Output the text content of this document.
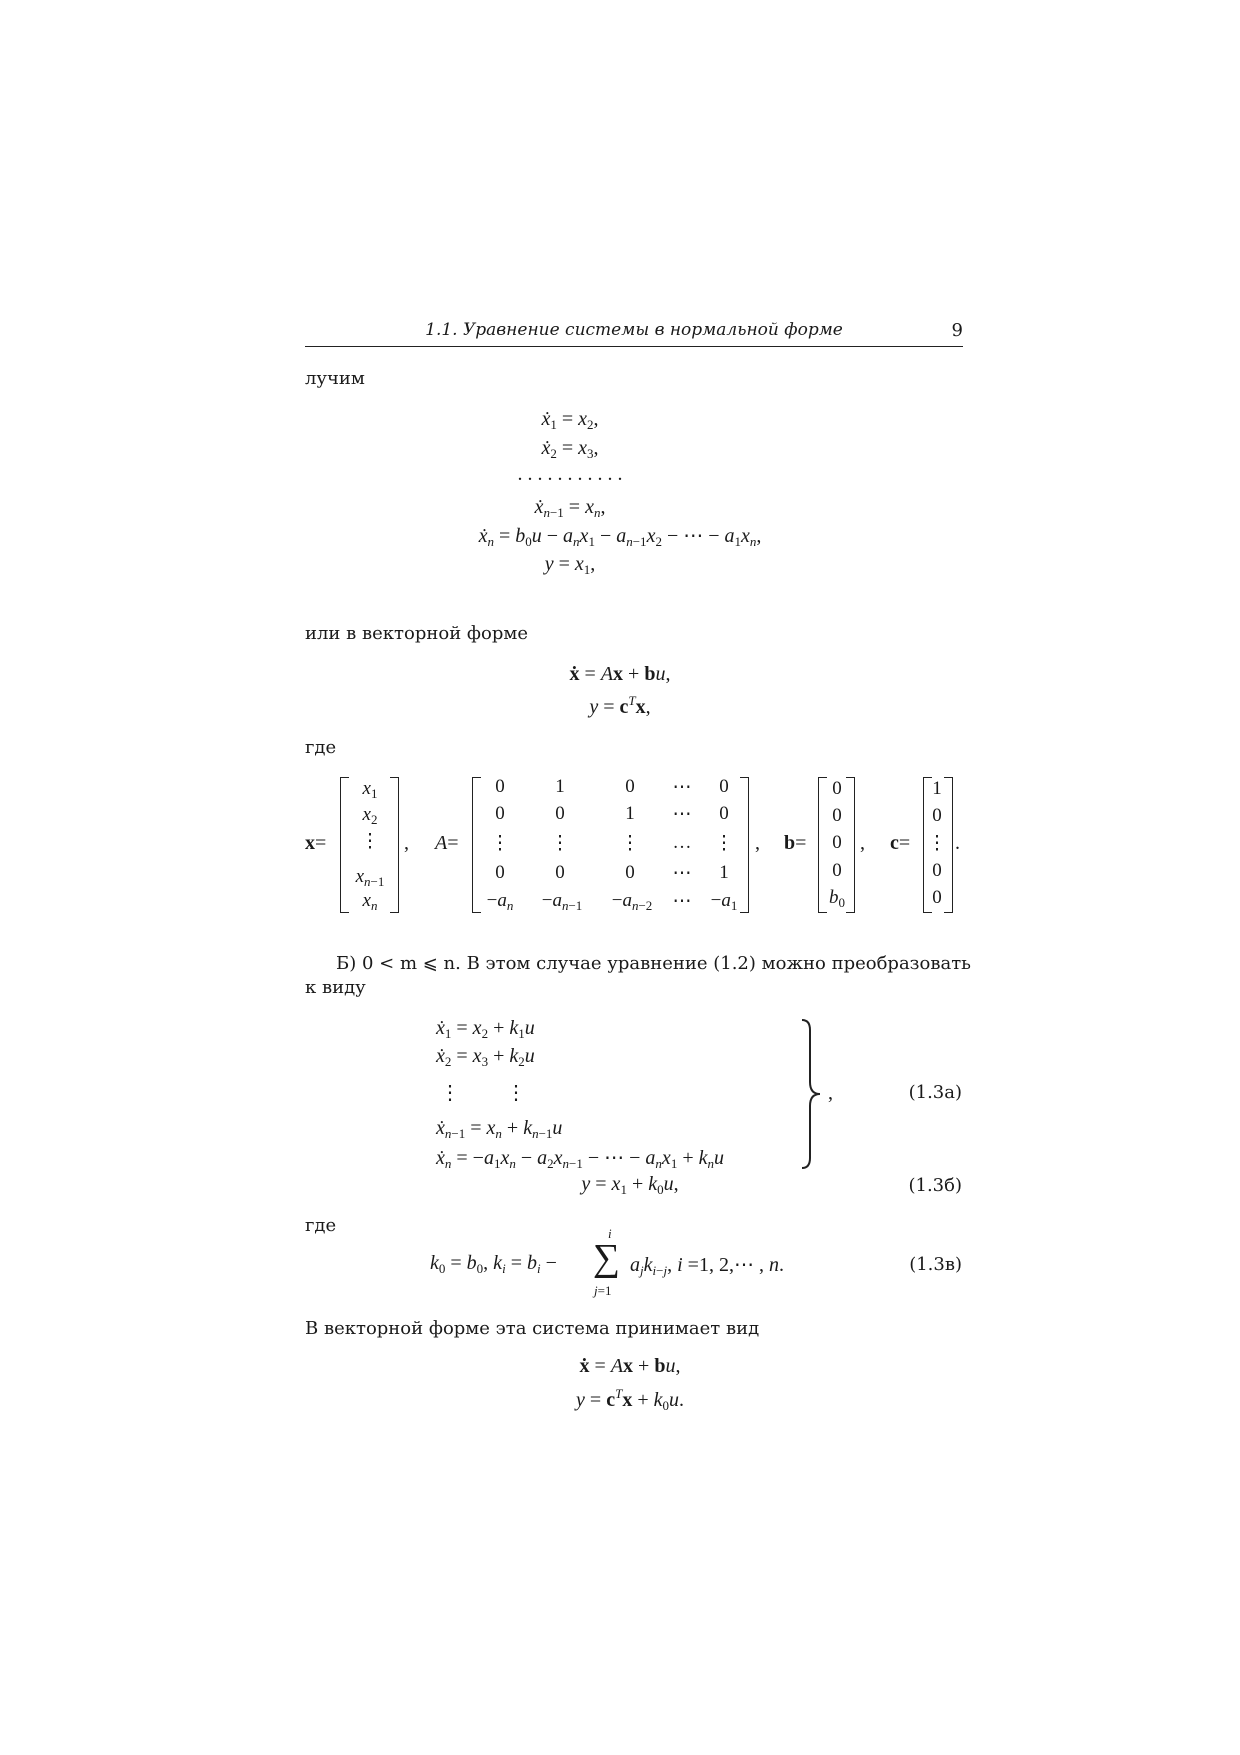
1.1. Уравнение системы в нормальной форме	9
лучим
ẋ$_1$ = $x_2$,
ẋ$_2$ = $x_3$,
. . . . . . . . . . .
ẋ$_{n-1}$ = $x_n$,
ẋ$_n$ = $b_0u - a_nx_1 - a_{n-1}x_2$ − ⋯ − $a_1x_n$,
$y = x_1$,
или в векторной форме
ẋ = Ax + bu,
$y = c^Tx$,
где
x=
$x_1$
$x_2$
⋮
$x_{n-1}$
$x_n$
, A=
0	1	0	⋯	0
0	0	1	⋯	0
⋮	⋮	⋮	…	⋮
0	0	0	⋯	1
$-a_n$	$-a_{n-1}$	$-a_{n-2}$	⋯	$-a_1$
, b=
0
0
0
0
$b_0$
, c=
1
0
⋮
0
0
.
Б) 0 < m ⩽ n. В этом случае уравнение (1.2) можно преобразовать
к виду
ẋ$_1$ = $x_2 + k_1u$
ẋ$_2$ = $x_3 + k_2u$
⋮ ⋮
ẋ$_{n-1}$ = $x_n + k_{n-1}u$
ẋ$_n$ = $-a_1x_n - a_2x_{n-1}$ − ⋯ − $a_nx_1 + k_nu$
,	(1.3а)
$y = x_1 + k_0u$,	(1.3б)
где
$k_0 = b_0$, $k_i = b_i$ −
i
∑
j=1
$a_jk_{i-j}$, i =1, 2,⋯ , n.	(1.3в)
В векторной форме эта система принимает вид
ẋ = Ax + bu,
$y = c^Tx + k_0u$.
